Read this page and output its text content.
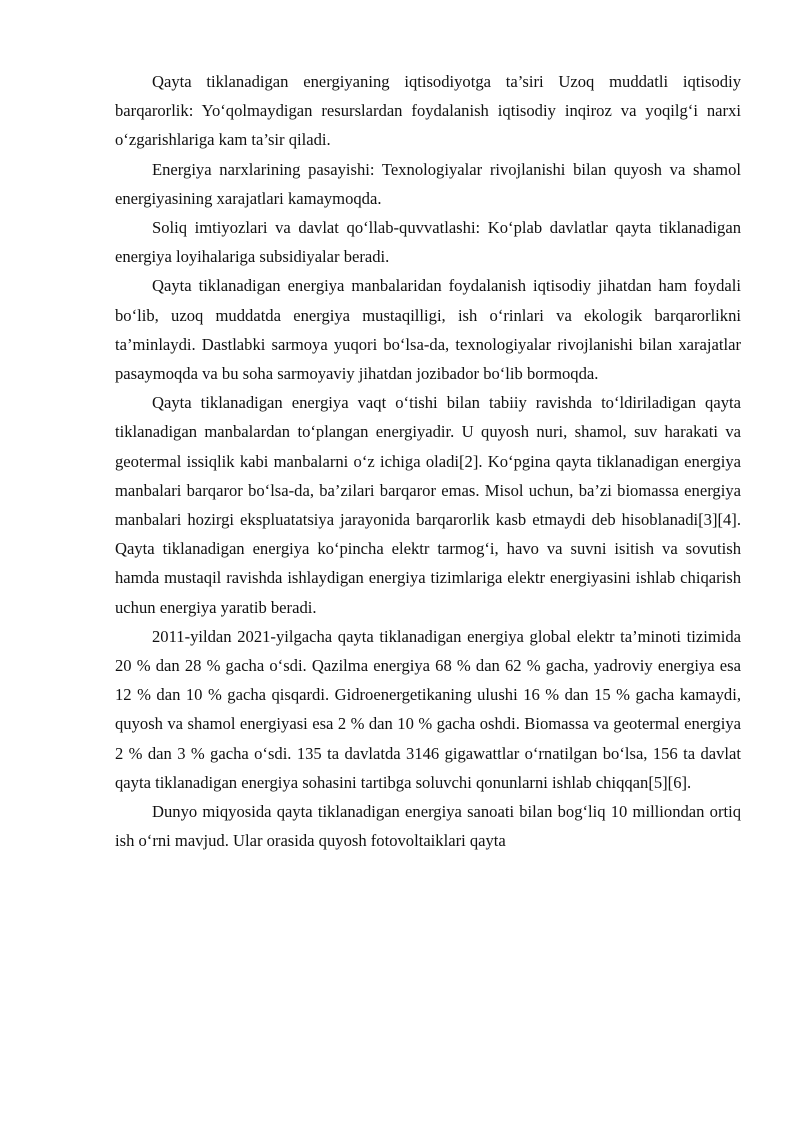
Qayta tiklanadigan energiyaning iqtisodiyotga ta’siri Uzoq muddatli iqtisodiy barqarorlik: Yo‘qolmaydigan resurslardan foydalanish iqtisodiy inqiroz va yoqilg‘i narxi o‘zgarishlariga kam ta’sir qiladi.

Energiya narxlarining pasayishi: Texnologiyalar rivojlanishi bilan quyosh va shamol energiyasining xarajatlari kamaymoqda.

Soliq imtiyozlari va davlat qo‘llab-quvvatlashi: Ko‘plab davlatlar qayta tiklanadigan energiya loyihalariga subsidiyalar beradi.

Qayta tiklanadigan energiya manbalaridan foydalanish iqtisodiy jihatdan ham foydali bo‘lib, uzoq muddatda energiya mustaqilligi, ish o‘rinlari va ekologik barqarorlikni ta’minlaydi. Dastlabki sarmoya yuqori bo‘lsa-da, texnologiyalar rivojlanishi bilan xarajatlar pasaymoqda va bu soha sarmoyaviy jihatdan jozibador bo‘lib bormoqda.

Qayta tiklanadigan energiya vaqt o‘tishi bilan tabiiy ravishda to‘ldiriladigan qayta tiklanadigan manbalardan to‘plangan energiyadir. U quyosh nuri, shamol, suv harakati va geotermal issiqlik kabi manbalarni o‘z ichiga oladi[2]. Ko‘pgina qayta tiklanadigan energiya manbalari barqaror bo‘lsa-da, ba’zilari barqaror emas. Misol uchun, ba’zi biomassa energiya manbalari hozirgi ekspluatatsiya jarayonida barqarorlik kasb etmaydi deb hisoblanadi[3][4]. Qayta tiklanadigan energiya ko‘pincha elektr tarmog‘i, havo va suvni isitish va sovutish hamda mustaqil ravishda ishlaydigan energiya tizimlariga elektr energiyasini ishlab chiqarish uchun energiya yaratib beradi.

2011-yildan 2021-yilgacha qayta tiklanadigan energiya global elektr ta’minoti tizimida 20 % dan 28 % gacha o‘sdi. Qazilma energiya 68 % dan 62 % gacha, yadroviy energiya esa 12 % dan 10 % gacha qisqardi. Gidroenergetikaning ulushi 16 % dan 15 % gacha kamaydi, quyosh va shamol energiyasi esa 2 % dan 10 % gacha oshdi. Biomassa va geotermal energiya 2 % dan 3 % gacha o‘sdi. 135 ta davlatda 3146 gigawattlar o‘rnatilgan bo‘lsa, 156 ta davlat qayta tiklanadigan energiya sohasini tartibga soluvchi qonunlarni ishlab chiqqan[5][6].

Dunyo miqyosida qayta tiklanadigan energiya sanoati bilan bog‘liq 10 milliondan ortiq ish o‘rni mavjud. Ular orasida quyosh fotovoltaiklari qayta
